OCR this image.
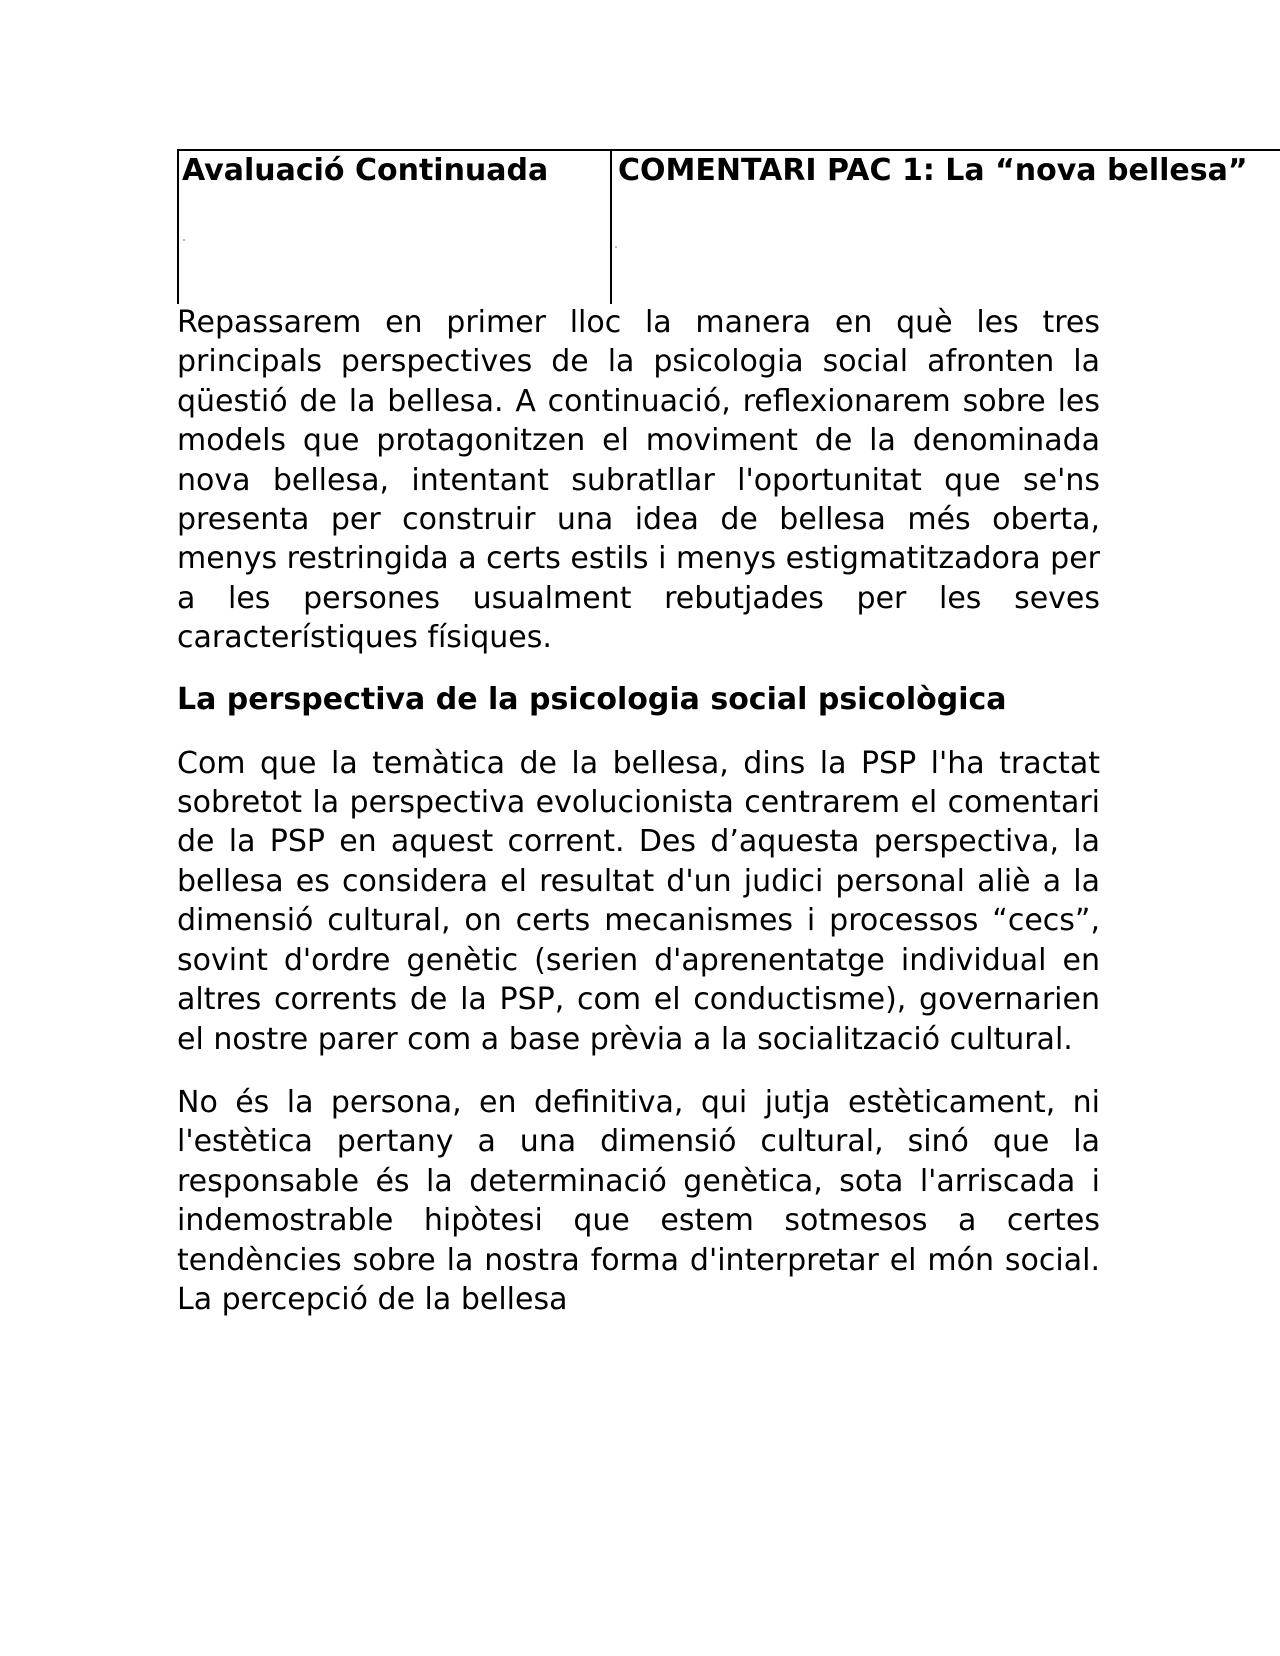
Avaluació Continuada COMENTARI PAC 1: La “nova bellesa”

Repassarem en primer lloc la manera en què les tres principals perspectives de la psicologia social afronten la qüestió de la bellesa. A continuació, reflexionarem sobre les models que protagonitzen el moviment de la denominada nova bellesa, intentant subratllar l'oportunitat que se'ns presenta per construir una idea de bellesa més oberta, menys restringida a certs estils i menys estigmatitzadora per a les persones usualment rebutjades per les seves característiques físiques.

La perspectiva de la psicologia social psicològica

Com que la temàtica de la bellesa, dins la PSP l'ha tractat sobretot la perspectiva evolucionista centrarem el comentari de la PSP en aquest corrent. Des d’aquesta perspectiva, la bellesa es considera el resultat d'un judici personal aliè a la dimensió cultural, on certs mecanismes i processos “cecs”, sovint d'ordre genètic (serien d'aprenentatge individual en altres corrents de la PSP, com el conductisme), governarien el nostre parer com a base prèvia a la socialització cultural.

No és la persona, en definitiva, qui jutja estèticament, ni l'estètica pertany a una dimensió cultural, sinó que la responsable és la determinació genètica, sota l'arriscada i indemostrable hipòtesi que estem sotmesos a certes tendències sobre la nostra forma d'interpretar el món social. La percepció de la bellesa
